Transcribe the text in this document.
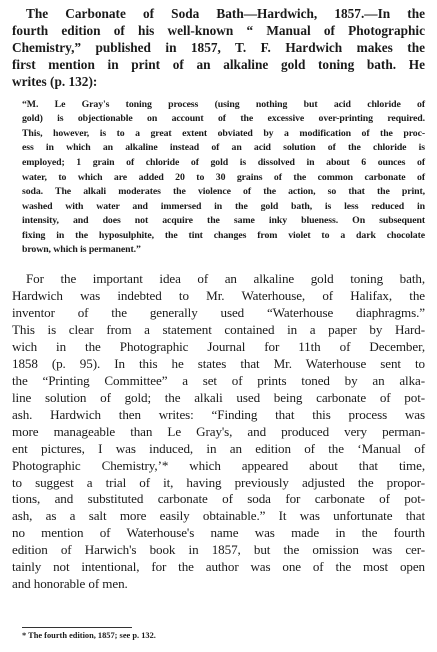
The Carbonate of Soda Bath—Hardwich, 1857.—In the
fourth edition of his well-known “ Manual of Photographic
Chemistry,” published in 1857, T. F. Hardwich makes the
first mention in print of an alkaline gold toning bath. He
writes (p. 132):
“M. Le Gray's toning process (using nothing but acid chloride of
gold) is objectionable on account of the excessive over-printing required.
This, however, is to a great extent obviated by a modification of the proc-
ess in which an alkaline instead of an acid solution of the chloride is
employed; 1 grain of chloride of gold is dissolved in about 6 ounces of
water, to which are added 20 to 30 grains of the common carbonate of
soda. The alkali moderates the violence of the action, so that the print,
washed with water and immersed in the gold bath, is less reduced in
intensity, and does not acquire the same inky blueness. On subsequent
fixing in the hyposulphite, the tint changes from violet to a dark chocolate
brown, which is permanent.”
For the important idea of an alkaline gold toning bath,
Hardwich was indebted to Mr. Waterhouse, of Halifax, the
inventor of the generally used “Waterhouse diaphragms.”
This is clear from a statement contained in a paper by Hard-
wich in the Photographic Journal for 11th of December,
1858 (p. 95). In this he states that Mr. Waterhouse sent to
the “Printing Committee” a set of prints toned by an alka-
line solution of gold; the alkali used being carbonate of pot-
ash. Hardwich then writes: “Finding that this process was
more manageable than Le Gray's, and produced very perman-
ent pictures, I was induced, in an edition of the ‘Manual of
Photographic Chemistry,’* which appeared about that time,
to suggest a trial of it, having previously adjusted the propor-
tions, and substituted carbonate of soda for carbonate of pot-
ash, as a salt more easily obtainable.” It was unfortunate that
no mention of Waterhouse's name was made in the fourth
edition of Harwich's book in 1857, but the omission was cer-
tainly not intentional, for the author was one of the most open
and honorable of men.
* The fourth edition, 1857; see p. 132.
